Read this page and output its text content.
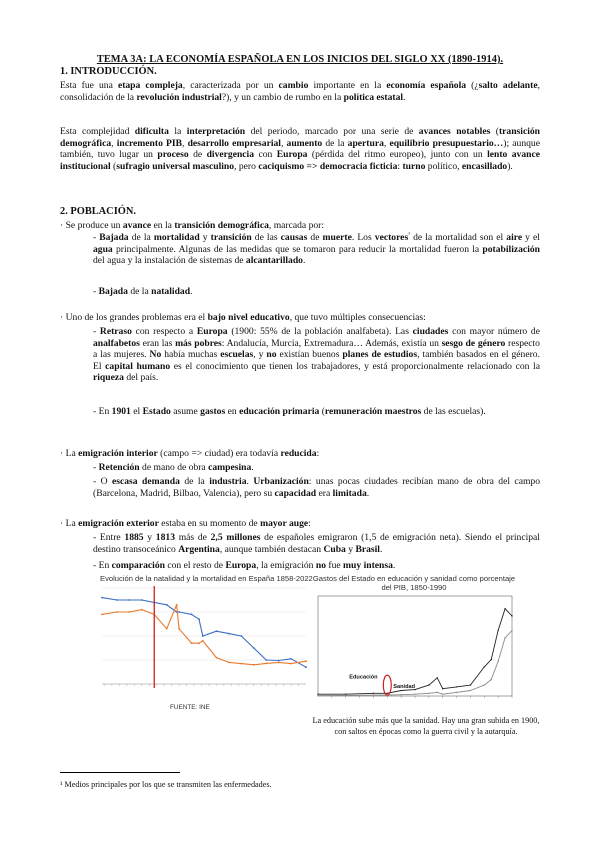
TEMA 3A: LA ECONOMÍA ESPAÑOLA EN LOS INICIOS DEL SIGLO XX (1890-1914).
1. INTRODUCCIÓN.
Esta fue una etapa compleja, caracterizada por un cambio importante en la economía española (¿salto adelante, consolidación de la revolución industrial?), y un cambio de rumbo en la política estatal.
Esta complejidad dificulta la interpretación del periodo, marcado por una serie de avances notables (transición demográfica, incremento PIB, desarrollo empresarial, aumento de la apertura, equilibrio presupuestario…); aunque también, tuvo lugar un proceso de divergencia con Europa (pérdida del ritmo europeo), junto con un lento avance institucional (sufragio universal masculino, pero caciquismo => democracia ficticia: turno político, encasillado).
2. POBLACIÓN.
· Se produce un avance en la transición demográfica, marcada por:
- Bajada de la mortalidad y transición de las causas de muerte. Los vectores$^{^1}$ de la mortalidad son el aire y el agua principalmente. Algunas de las medidas que se tomaron para reducir la mortalidad fueron la potabilización del agua y la instalación de sistemas de alcantarillado.
- Bajada de la natalidad.
· Uno de los grandes problemas era el bajo nivel educativo, que tuvo múltiples consecuencias:
- Retraso con respecto a Europa (1900: 55% de la población analfabeta). Las ciudades con mayor número de analfabetos eran las más pobres: Andalucía, Murcia, Extremadura… Además, existía un sesgo de género respecto a las mujeres. No había muchas escuelas, y no existían buenos planes de estudios, también basados en el género. El capital humano es el conocimiento que tienen los trabajadores, y está proporcionalmente relacionado con la riqueza del país.
- En 1901 el Estado asume gastos en educación primaria (remuneración maestros de las escuelas).
· La emigración interior (campo => ciudad) era todavía reducida:
- Retención de mano de obra campesina.
- O escasa demanda de la industria. Urbanización: unas pocas ciudades recibían mano de obra del campo (Barcelona, Madrid, Bilbao, Valencia), pero su capacidad era limitada.
· La emigración exterior estaba en su momento de mayor auge:
- Entre 1885 y 1813 más de 2,5 millones de españoles emigraron (1,5 de emigración neta). Siendo el principal destino transoceánico Argentina, aunque también destacan Cuba y Brasil.
- En comparación con el resto de Europa, la emigración no fue muy intensa.
Evolución de la natalidad y la mortalidad en España 1858-2022
FUENTE: INE
Gastos del Estado en educación y sanidad como porcentaje del PIB, 1850-1990
Educación
Sanidad
La educación sube más que la sanidad. Hay una gran subida en 1900, con saltos en épocas como la guerra civil y la autarquía.
¹ Medios principales por los que se transmiten las enfermedades.
